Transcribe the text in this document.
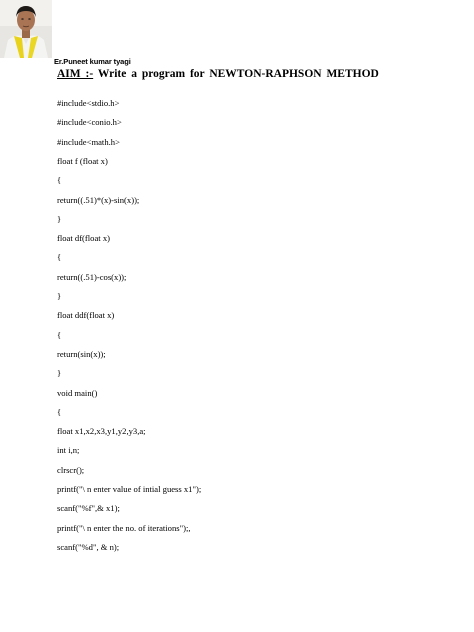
Er.Puneet kumar tyagi
AIM :- Write a program for NEWTON-RAPHSON METHOD
#include<stdio.h>
#include<conio.h>
#include<math.h>
float f (float x)
{
return((.51)*(x)-sin(x));
}
float df(float x)
{
return((.51)-cos(x));
}
float ddf(float x)
{
return(sin(x));
}
void main()
{
float x1,x2,x3,y1,y2,y3,a;
int i,n;
clrscr();
printf("\ n enter value of intial guess x1");
scanf("%f",& x1);
printf("\ n enter the no. of iterations");,
scanf("%d", & n);
